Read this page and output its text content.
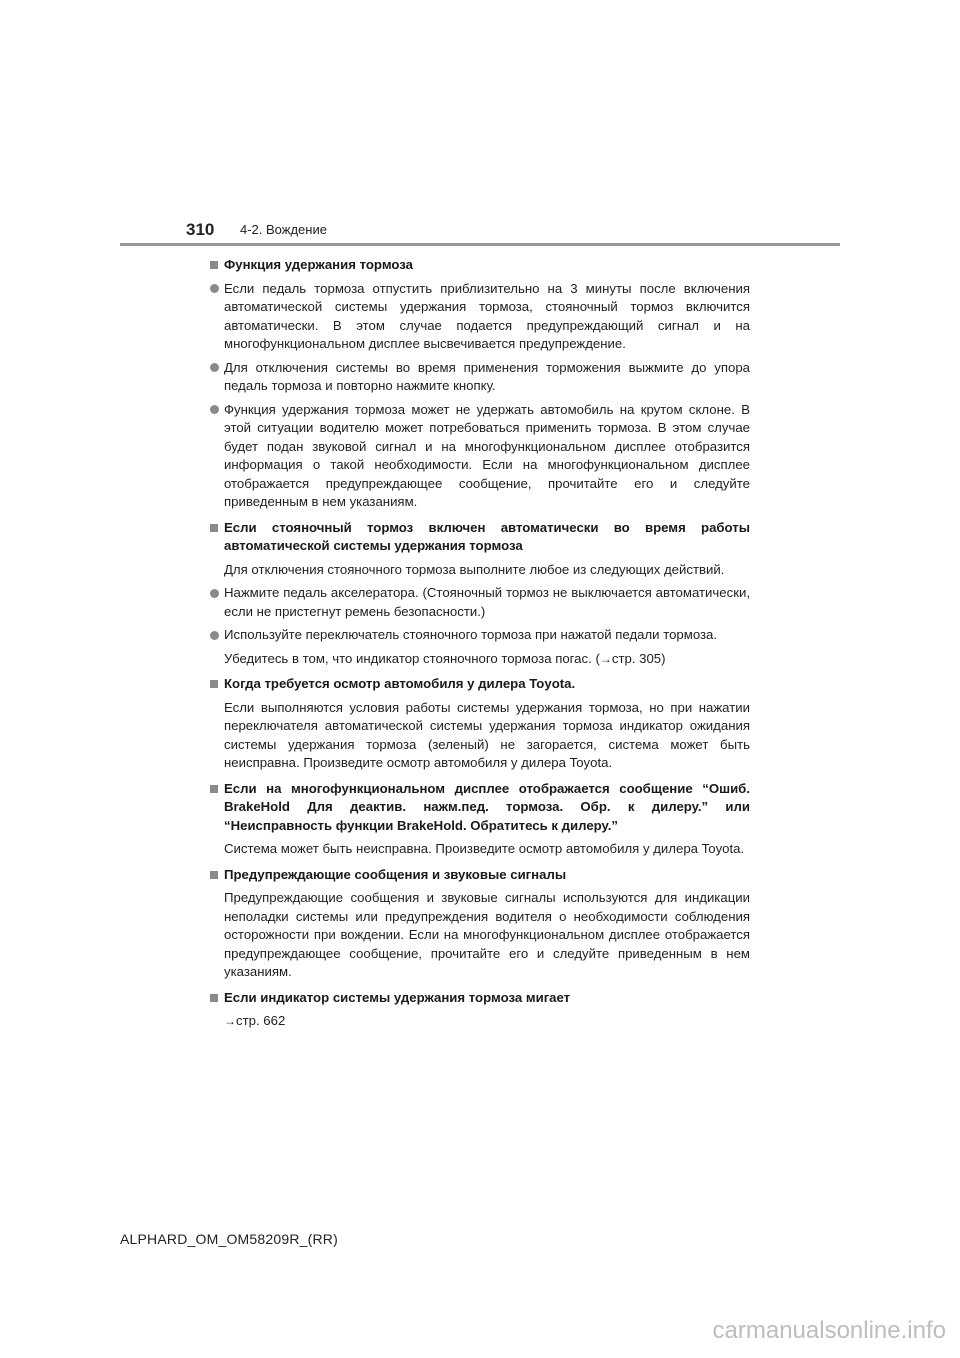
310 4-2. Вождение
Функция удержания тормоза
Если педаль тормоза отпустить приблизительно на 3 минуты после включения автоматической системы удержания тормоза, стояночный тормоз включится автоматически. В этом случае подается предупреждающий сигнал и на многофункциональном дисплее высвечивается предупреждение.
Для отключения системы во время применения торможения выжмите до упора педаль тормоза и повторно нажмите кнопку.
Функция удержания тормоза может не удержать автомобиль на крутом склоне. В этой ситуации водителю может потребоваться применить тормоза. В этом случае будет подан звуковой сигнал и на многофункциональном дисплее отобразится информация о такой необходимости. Если на многофункциональном дисплее отображается предупреждающее сообщение, прочитайте его и следуйте приведенным в нем указаниям.
Если стояночный тормоз включен автоматически во время работы автоматической системы удержания тормоза
Для отключения стояночного тормоза выполните любое из следующих действий.
Нажмите педаль акселератора. (Стояночный тормоз не выключается автоматически, если не пристегнут ремень безопасности.)
Используйте переключатель стояночного тормоза при нажатой педали тормоза.
Убедитесь в том, что индикатор стояночного тормоза погас. (→стр. 305)
Когда требуется осмотр автомобиля у дилера Toyota.
Если выполняются условия работы системы удержания тормоза, но при нажатии переключателя автоматической системы удержания тормоза индикатор ожидания системы удержания тормоза (зеленый) не загорается, система может быть неисправна. Произведите осмотр автомобиля у дилера Toyota.
Если на многофункциональном дисплее отображается сообщение “Ошиб. BrakeHold Для деактив. нажм.пед. тормоза. Обр. к дилеру.” или “Неисправность функции BrakeHold. Обратитесь к дилеру.”
Система может быть неисправна. Произведите осмотр автомобиля у дилера Toyota.
Предупреждающие сообщения и звуковые сигналы
Предупреждающие сообщения и звуковые сигналы используются для индикации неполадки системы или предупреждения водителя о необходимости соблюдения осторожности при вождении. Если на многофункциональном дисплее отображается предупреждающее сообщение, прочитайте его и следуйте приведенным в нем указаниям.
Если индикатор системы удержания тормоза мигает
→стр. 662
ALPHARD_OM_OM58209R_(RR)
carmanualsonline.info
